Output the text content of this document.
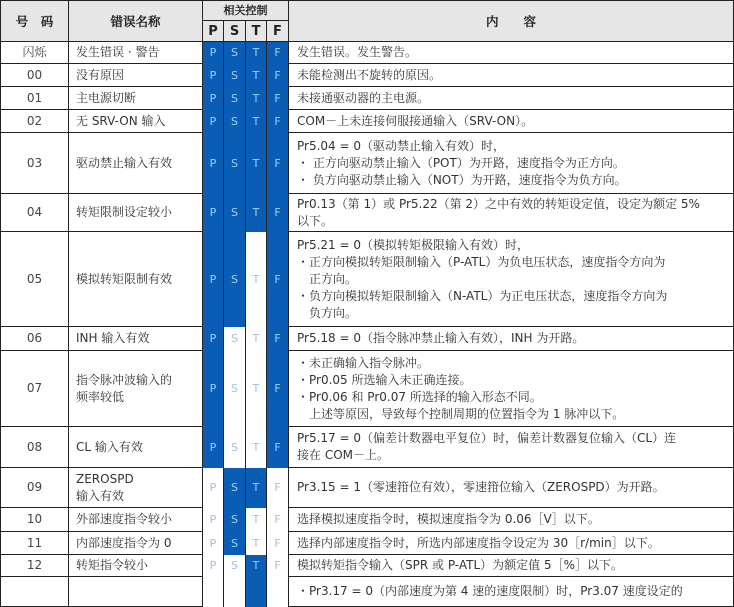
号　码	错误名称	相关控制				内　　容
		P	S	T	F	
闪烁	发生错误 · 警告	P	S	T	F	发生错误。发生警告。

00	没有原因	P	S	T	F	未能检测出不旋转的原因。

01	主电源切断	P	S	T	F	未接通驱动器的主电源。

02	无 SRV-ON 输入	P	S	T	F	COM－上未连接伺服接通输入（SRV-ON）。

03	驱动禁止输入有效	P	S	T	F	Pr5.04 = 0（驱动禁止输入有效）时，
・ 正方向驱动禁止输入（POT）为开路，速度指令为正方向。
・ 负方向驱动禁止输入（NOT）为开路，速度指令为负方向。

04	转矩限制设定较小	P	S	T	F	Pr0.13（第 1）或 Pr5.22（第 2）之中有效的转矩设定值，设定为额定 5%
以下。

05	模拟转矩限制有效	P	S	T	F	Pr5.21 = 0（模拟转矩极限输入有效）时，
・正方向模拟转矩限制输入（P-ATL）为负电压状态，速度指令方向为
　正方向。
・负方向模拟转矩限制输入（N-ATL）为正电压状态，速度指令方向为
　负方向。

06	INH 输入有效	P	S	T	F	Pr5.18 = 0（指令脉冲禁止输入有效），INH 为开路。

07	指令脉冲波输入的
频率较低	P	S	T	F	・未正确输入指令脉冲。
・Pr0.05 所选输入未正确连接。
・Pr0.06 和 Pr0.07 所选择的输入形态不同。
　上述等原因，导致每个控制周期的位置指令为 1 脉冲以下。

08	CL 输入有效	P	S	T	F	Pr5.17 = 0（偏差计数器电平复位）时，偏差计数器复位输入（CL）连
接在 COM－上。

09	ZEROSPD
输入有效	P	S	T	F	Pr3.15 = 1（零速箝位有效），零速箝位输入（ZEROSPD）为开路。

10	外部速度指令较小	P	S	T	F	选择模拟速度指令时，模拟速度指令为 0.06［V］以下。

11	内部速度指令为 0	P	S	T	F	选择内部速度指令时，所选内部速度指令设定为 30［r/min］以下。

12	转矩指令较小	P	S	T	F	模拟转矩指令输入（SPR 或 P-ATL）为额定值 5［%］以下。

						・Pr3.17 = 0（内部速度为第 4 速的速度限制）时，Pr3.07 速度设定的
